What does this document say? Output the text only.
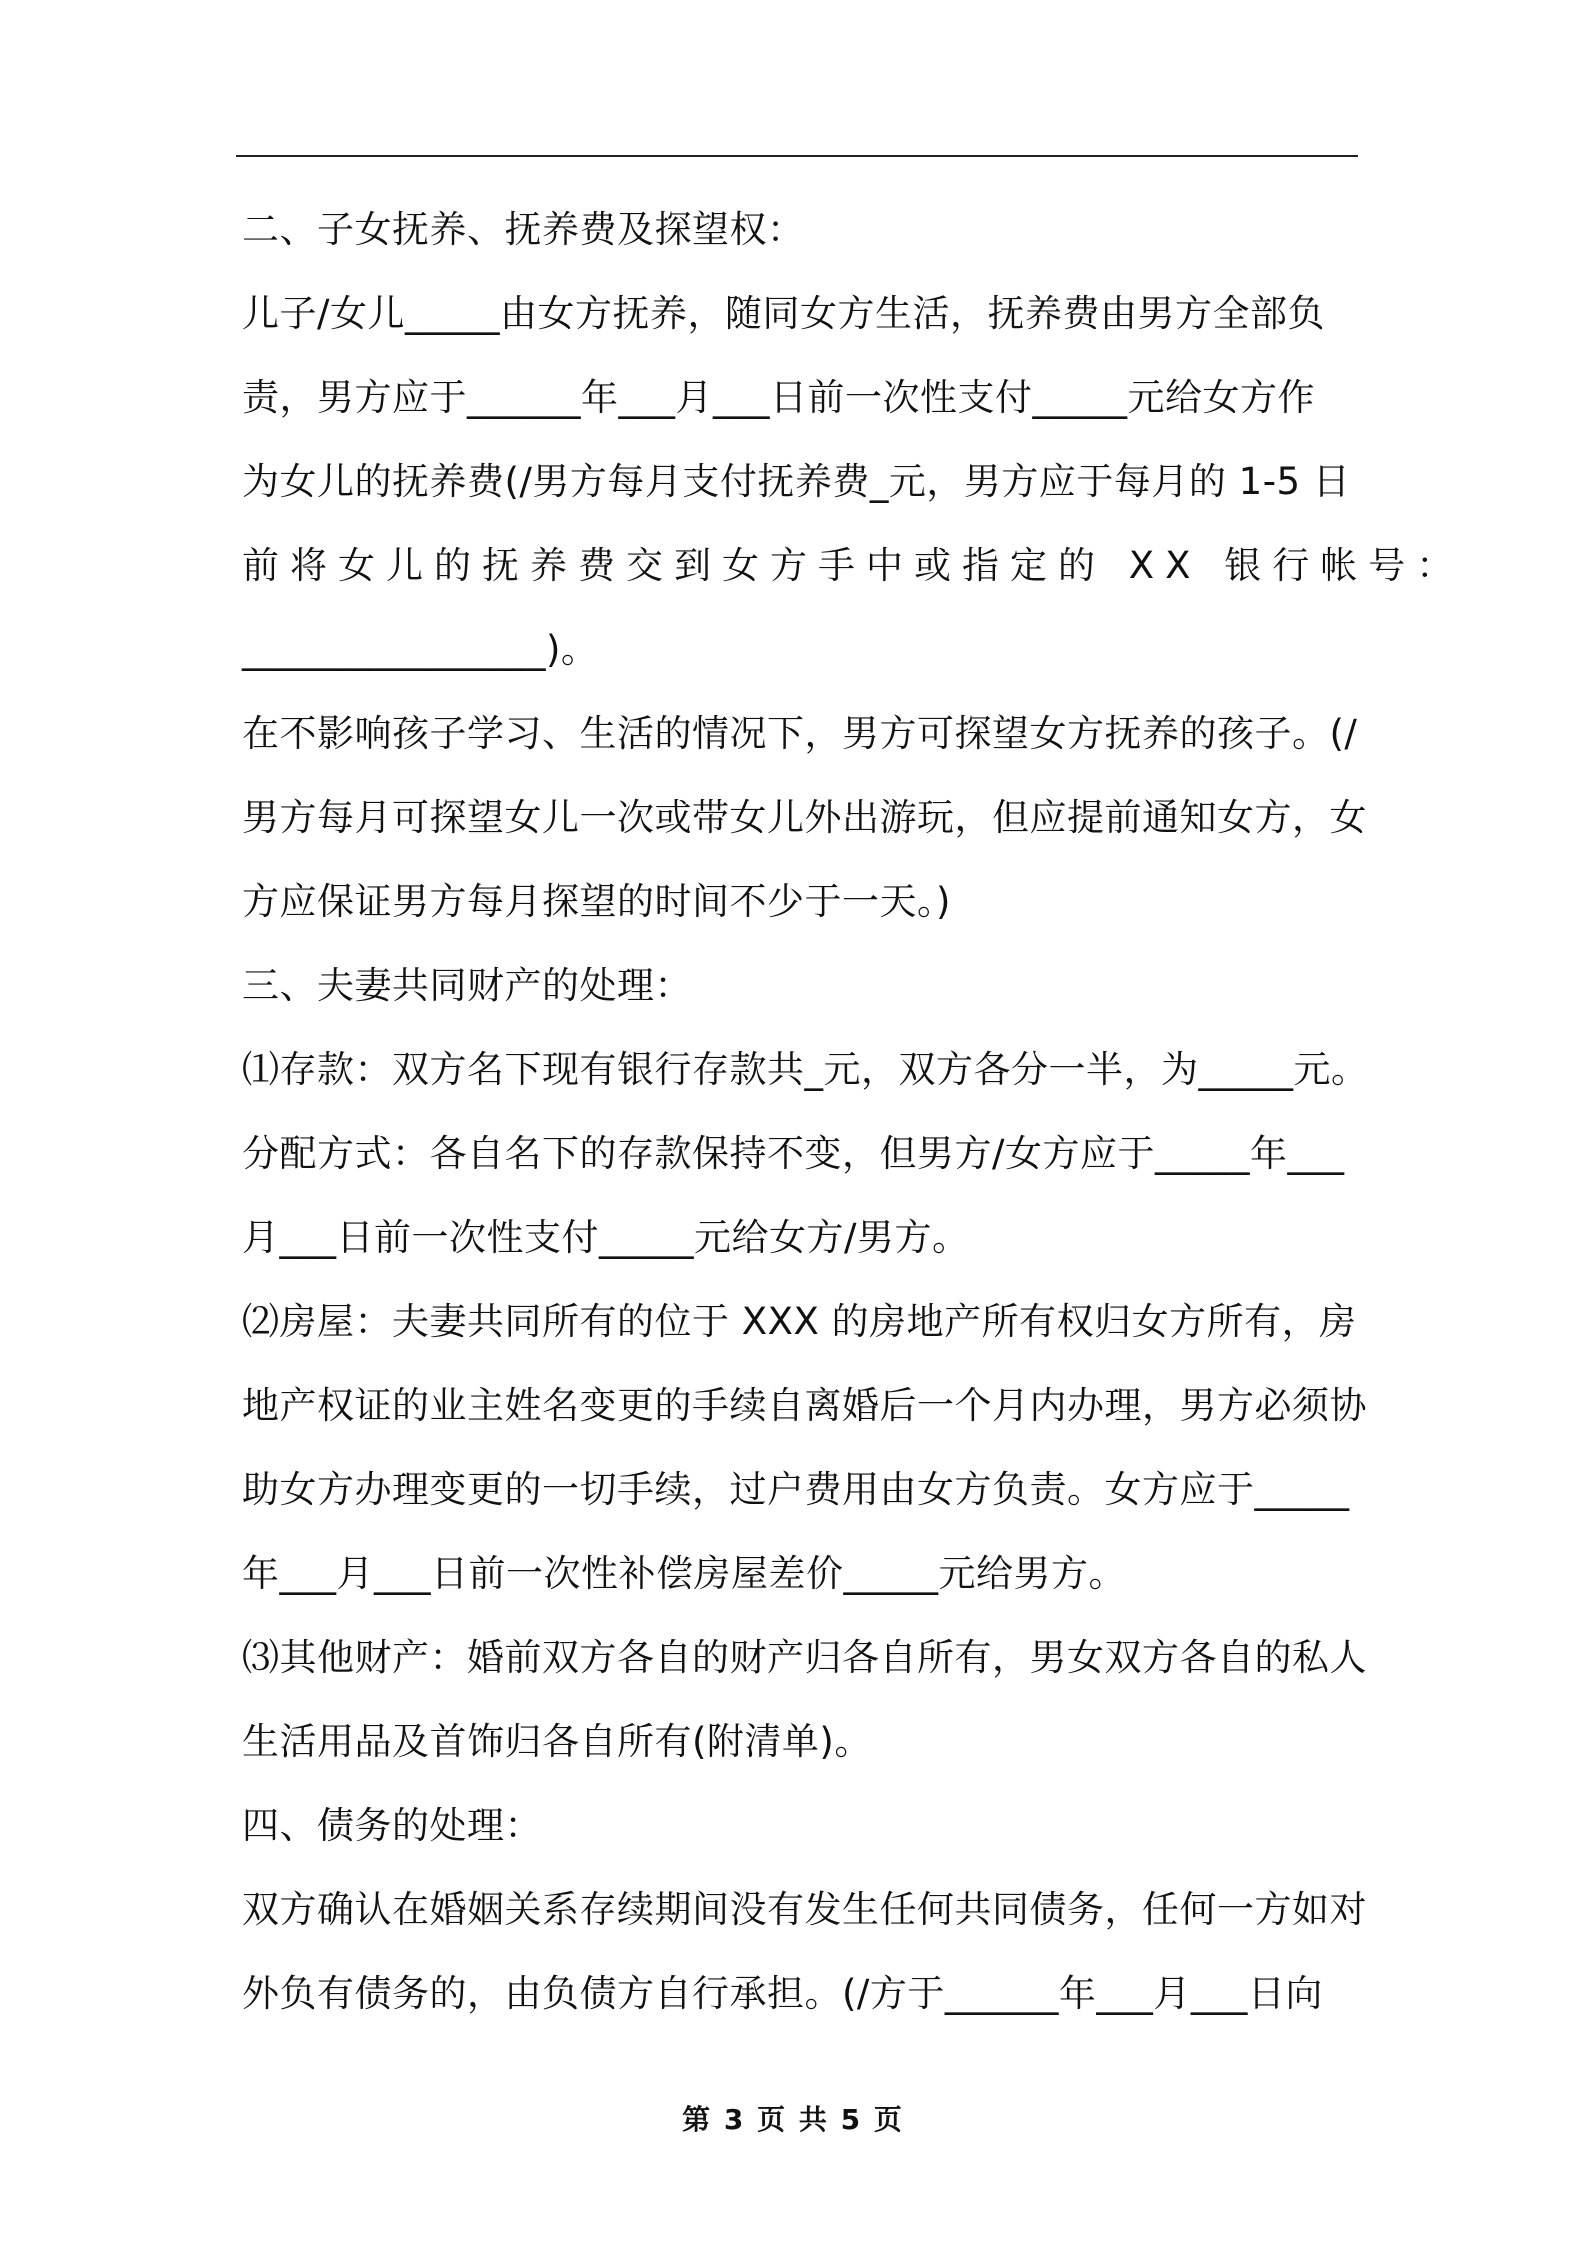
二、子女抚养、抚养费及探望权：
儿子/女儿_____由女方抚养，随同女方生活，抚养费由男方全部负
责，男方应于______年___月___日前一次性支付_____元给女方作
为女儿的抚养费(/男方每月支付抚养费_元，男方应于每月的 1-5 日
前将女儿的抚养费交到女方手中或指定的 XX 银行帐号：
________________)。
在不影响孩子学习、生活的情况下，男方可探望女方抚养的孩子。(/
男方每月可探望女儿一次或带女儿外出游玩，但应提前通知女方，女
方应保证男方每月探望的时间不少于一天。)
三、夫妻共同财产的处理：
⑴存款：双方名下现有银行存款共_元，双方各分一半，为_____元。
分配方式：各自名下的存款保持不变，但男方/女方应于_____年___
月___日前一次性支付_____元给女方/男方。
⑵房屋：夫妻共同所有的位于 XXX 的房地产所有权归女方所有，房
地产权证的业主姓名变更的手续自离婚后一个月内办理，男方必须协
助女方办理变更的一切手续，过户费用由女方负责。女方应于_____
年___月___日前一次性补偿房屋差价_____元给男方。
⑶其他财产：婚前双方各自的财产归各自所有，男女双方各自的私人
生活用品及首饰归各自所有(附清单)。
四、债务的处理：
双方确认在婚姻关系存续期间没有发生任何共同债务，任何一方如对
外负有债务的，由负债方自行承担。(/方于______年___月___日向
第 3 页 共 5 页
